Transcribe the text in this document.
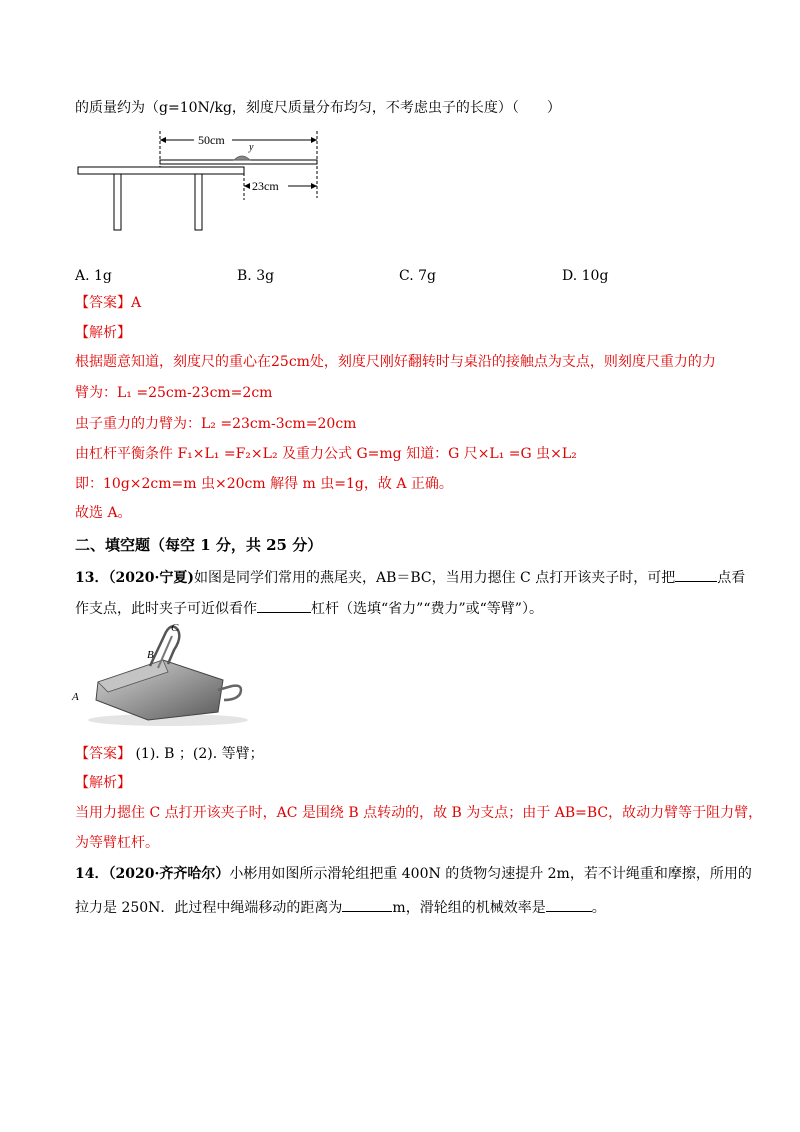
的质量约为（g=10N/kg，刻度尺质量分布均匀，不考虑虫子的长度）（　　）
50cm
y
23cm
A. 1g	B. 3g	C. 7g	D. 10g
【答案】A
【解析】
根据题意知道，刻度尺的重心在25cm处，刻度尺刚好翻转时与桌沿的接触点为支点，则刻度尺重力的力
臂为：L₁ =25cm-23cm=2cm
虫子重力的力臂为：L₂ =23cm-3cm=20cm
由杠杆平衡条件 F₁×L₁ =F₂×L₂ 及重力公式 G=mg 知道：G 尺×L₁ =G 虫×L₂
即：10g×2cm=m 虫×20cm 解得 m 虫=1g，故 A 正确。
故选 A。
二、填空题（每空 1 分，共 25 分）
13．（2020·宁夏)如图是同学们常用的燕尾夹，AB＝BC，当用力摁住 C 点打开该夹子时，可把	点看
作支点，此时夹子可近似看作	杠杆（选填“省力”“费力”或“等臂”）。
C
B
A
【答案】 (1). B ；(2). 等臂；
【解析】
当用力摁住 C 点打开该夹子时，AC 是围绕 B 点转动的，故 B 为支点；由于 AB=BC，故动力臂等于阻力臂，
为等臂杠杆。
14．（2020·齐齐哈尔）小彬用如图所示滑轮组把重 400N 的货物匀速提升 2m，若不计绳重和摩擦，所用的
拉力是 250N．此过程中绳端移动的距离为	m，滑轮组的机械效率是	。
